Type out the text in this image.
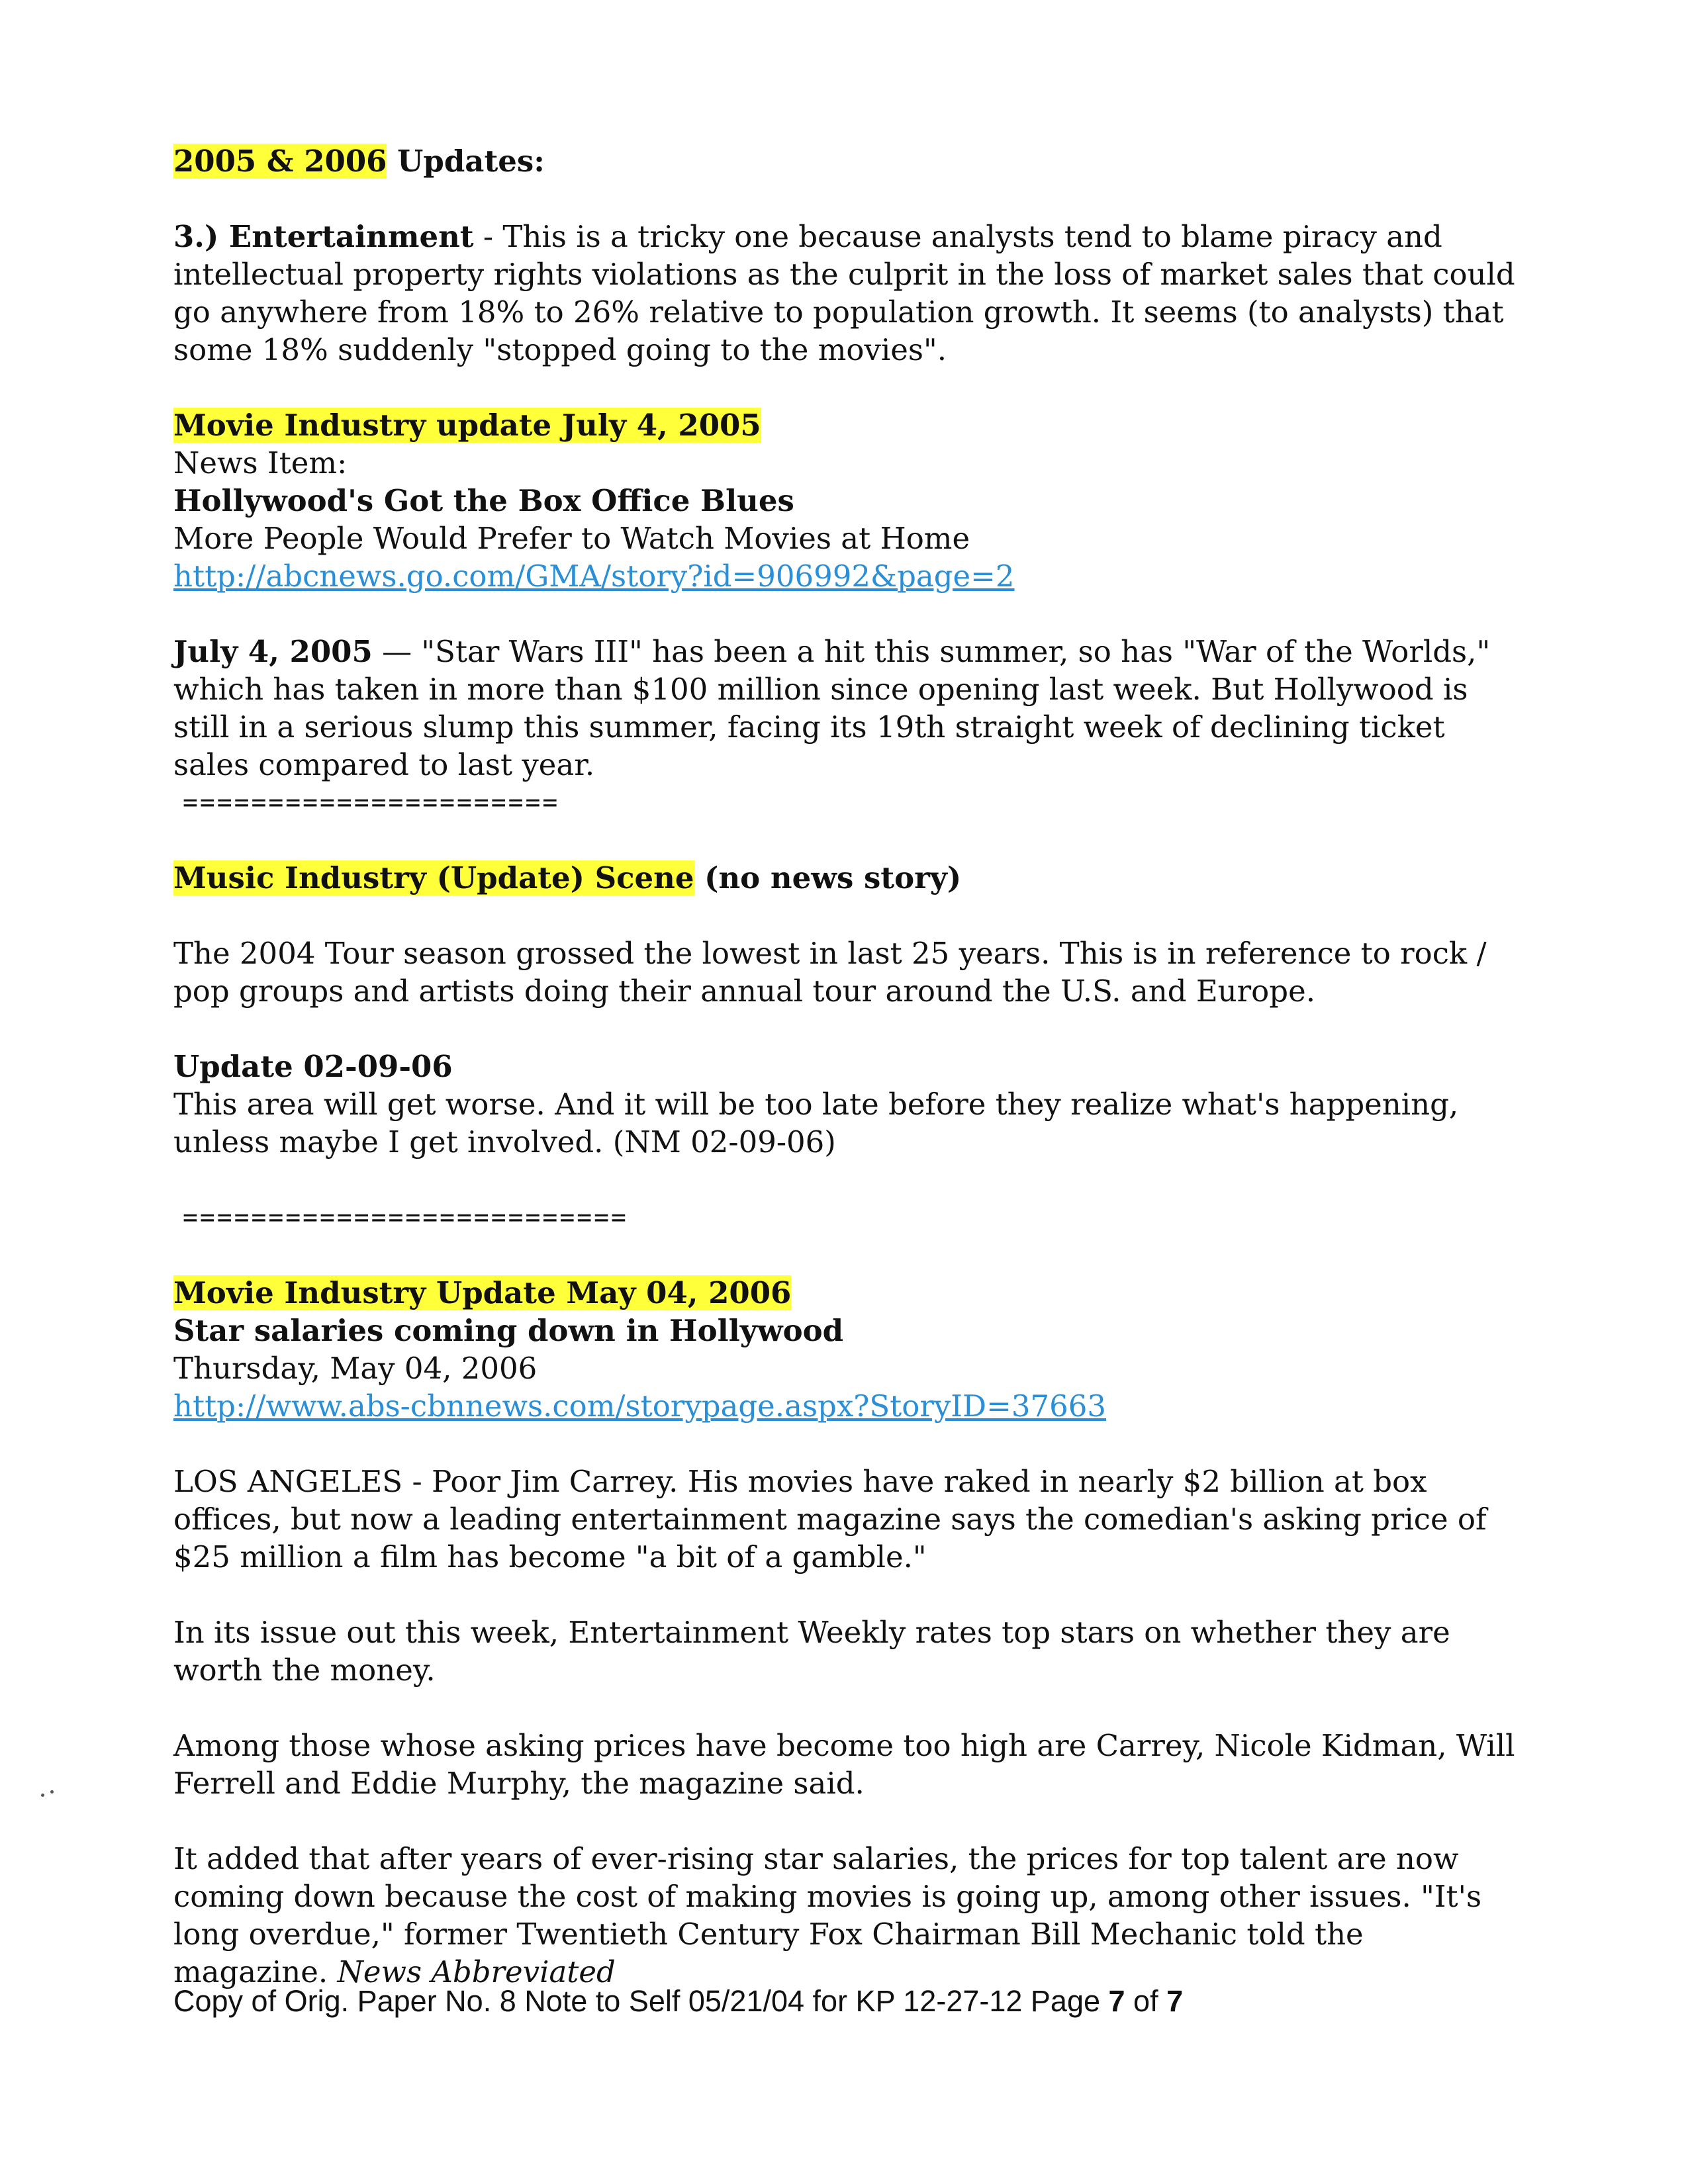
2005 & 2006 Updates:

3.) Entertainment - This is a tricky one because analysts tend to blame piracy and intellectual property rights violations as the culprit in the loss of market sales that could go anywhere from 18% to 26% relative to population growth. It seems (to analysts) that some 18% suddenly "stopped going to the movies".

Movie Industry update July 4, 2005

News Item:

Hollywood's Got the Box Office Blues

More People Would Prefer to Watch Movies at Home

http://abcnews.go.com/GMA/story?id=906992&page=2

July 4, 2005 — "Star Wars III" has been a hit this summer, so has "War of the Worlds," which has taken in more than $100 million since opening last week. But Hollywood is still in a serious slump this summer, facing its 19th straight week of declining ticket sales compared to last year.

======================

Music Industry (Update) Scene (no news story)

The 2004 Tour season grossed the lowest in last 25 years. This is in reference to rock / pop groups and artists doing their annual tour around the U.S. and Europe.

Update 02-09-06

This area will get worse. And it will be too late before they realize what's happening, unless maybe I get involved. (NM 02-09-06)

==========================

Movie Industry Update May 04, 2006

Star salaries coming down in Hollywood

Thursday, May 04, 2006

http://www.abs-cbnnews.com/storypage.aspx?StoryID=37663

LOS ANGELES - Poor Jim Carrey. His movies have raked in nearly $2 billion at box offices, but now a leading entertainment magazine says the comedian's asking price of $25 million a film has become "a bit of a gamble."

In its issue out this week, Entertainment Weekly rates top stars on whether they are worth the money.

Among those whose asking prices have become too high are Carrey, Nicole Kidman, Will Ferrell and Eddie Murphy, the magazine said.

It added that after years of ever-rising star salaries, the prices for top talent are now coming down because the cost of making movies is going up, among other issues. "It's long overdue," former Twentieth Century Fox Chairman Bill Mechanic told the magazine. News Abbreviated

Copy of Orig. Paper No. 8 Note to Self 05/21/04 for KP 12-27-12 Page 7 of 7
